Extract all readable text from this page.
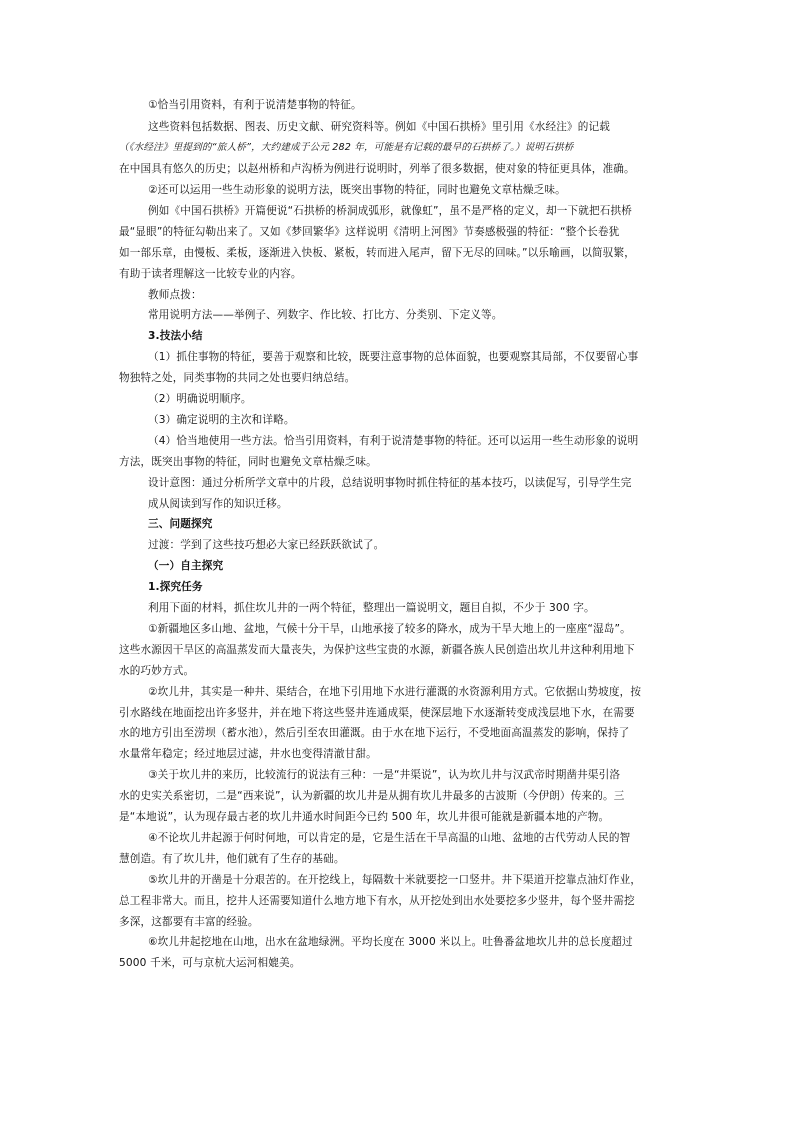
①恰当引用资料，有利于说清楚事物的特征。
这些资料包括数据、图表、历史文献、研究资料等。例如《中国石拱桥》里引用《水经注》的记载
（《水经注》里提到的“旅人桥”，大约建成于公元 282 年，可能是有记载的最早的石拱桥了。）说明石拱桥
在中国具有悠久的历史；以赵州桥和卢沟桥为例进行说明时，列举了很多数据，使对象的特征更具体，准确。
②还可以运用一些生动形象的说明方法，既突出事物的特征，同时也避免文章枯燥乏味。
例如《中国石拱桥》开篇便说“石拱桥的桥洞成弧形，就像虹”，虽不是严格的定义，却一下就把石拱桥
最“显眼”的特征勾勒出来了。又如《梦回繁华》这样说明《清明上河图》节奏感极强的特征：“整个长卷犹
如一部乐章，由慢板、柔板，逐渐进入快板、紧板，转而进入尾声，留下无尽的回味。”以乐喻画，以简驭繁，
有助于读者理解这一比较专业的内容。
教师点拨：
常用说明方法——举例子、列数字、作比较、打比方、分类别、下定义等。
3.技法小结
（1）抓住事物的特征，要善于观察和比较，既要注意事物的总体面貌，也要观察其局部，不仅要留心事
物独特之处，同类事物的共同之处也要归纳总结。
（2）明确说明顺序。
（3）确定说明的主次和详略。
（4）恰当地使用一些方法。恰当引用资料，有利于说清楚事物的特征。还可以运用一些生动形象的说明
方法，既突出事物的特征，同时也避免文章枯燥乏味。
设计意图：通过分析所学文章中的片段，总结说明事物时抓住特征的基本技巧，以读促写，引导学生完
成从阅读到写作的知识迁移。
三、问题探究
过渡：学到了这些技巧想必大家已经跃跃欲试了。
（一）自主探究
1.探究任务
利用下面的材料，抓住坎儿井的一两个特征，整理出一篇说明文，题目自拟，不少于 300 字。
①新疆地区多山地、盆地，气候十分干旱，山地承接了较多的降水，成为干旱大地上的一座座“湿岛”。
这些水源因干旱区的高温蒸发而大量丧失，为保护这些宝贵的水源，新疆各族人民创造出坎儿井这种利用地下
水的巧妙方式。
②坎儿井，其实是一种井、渠结合，在地下引用地下水进行灌溉的水资源利用方式。它依据山势坡度，按
引水路线在地面挖出许多竖井，并在地下将这些竖井连通成渠，使深层地下水逐渐转变成浅层地下水，在需要
水的地方引出至涝坝（蓄水池），然后引至农田灌溉。由于水在地下运行，不受地面高温蒸发的影响，保持了
水量常年稳定；经过地层过滤，井水也变得清澈甘甜。
③关于坎儿井的来历，比较流行的说法有三种：一是“井渠说”，认为坎儿井与汉武帝时期凿井渠引洛
水的史实关系密切，二是“西来说”，认为新疆的坎儿井是从拥有坎儿井最多的古波斯（今伊朗）传来的。三
是“本地说”，认为现存最古老的坎儿井通水时间距今已约 500 年，坎儿井很可能就是新疆本地的产物。
④不论坎儿井起源于何时何地，可以肯定的是，它是生活在干旱高温的山地、盆地的古代劳动人民的智
慧创造。有了坎儿井，他们就有了生存的基础。
⑤坎儿井的开凿是十分艰苦的。在开挖线上，每隔数十米就要挖一口竖井。井下渠道开挖靠点油灯作业，
总工程非常大。而且，挖井人还需要知道什么地方地下有水，从开挖处到出水处要挖多少竖井，每个竖井需挖
多深，这都要有丰富的经验。
⑥坎儿井起挖地在山地，出水在盆地绿洲。平均长度在 3000 米以上。吐鲁番盆地坎儿井的总长度超过
5000 千米，可与京杭大运河相媲美。
